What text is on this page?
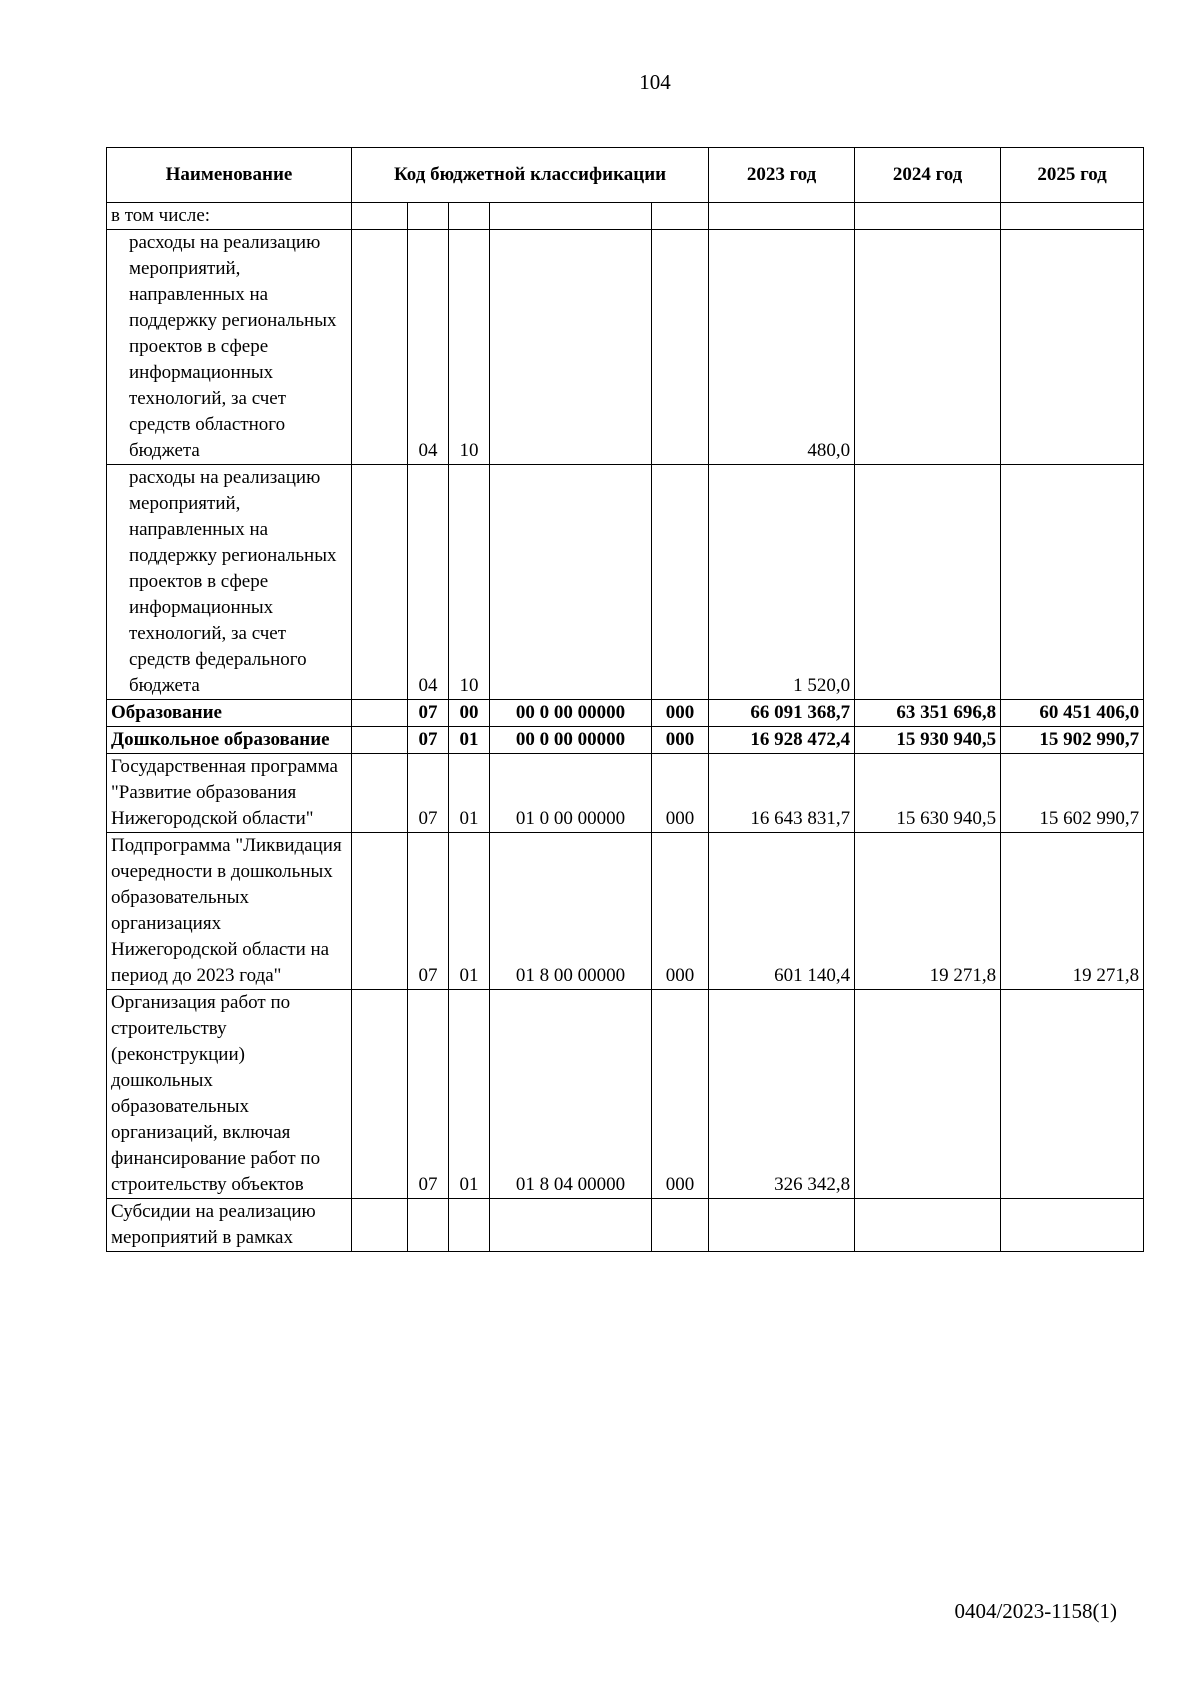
104
Наименование	Код бюджетной классификации					2023 год	2024 год	2025 год
в том числе:								
расходы на реализацию мероприятий, направленных на поддержку региональных проектов в сфере информационных технологий, за счет средств областного бюджета		04	10			480,0		
расходы на реализацию мероприятий, направленных на поддержку региональных проектов в сфере информационных технологий, за счет средств федерального бюджета		04	10			1 520,0		
Образование		07	00	00 0 00 00000	000	66 091 368,7	63 351 696,8	60 451 406,0
Дошкольное образование		07	01	00 0 00 00000	000	16 928 472,4	15 930 940,5	15 902 990,7
Государственная программа "Развитие образования Нижегородской области"		07	01	01 0 00 00000	000	16 643 831,7	15 630 940,5	15 602 990,7
Подпрограмма "Ликвидация очередности в дошкольных образовательных организациях Нижегородской области на период до 2023 года"		07	01	01 8 00 00000	000	601 140,4	19 271,8	19 271,8
Организация работ по строительству (реконструкции) дошкольных образовательных организаций, включая финансирование работ по строительству объектов		07	01	01 8 04 00000	000	326 342,8		
Субсидии на реализацию мероприятий в рамках								
0404/2023-1158(1)
